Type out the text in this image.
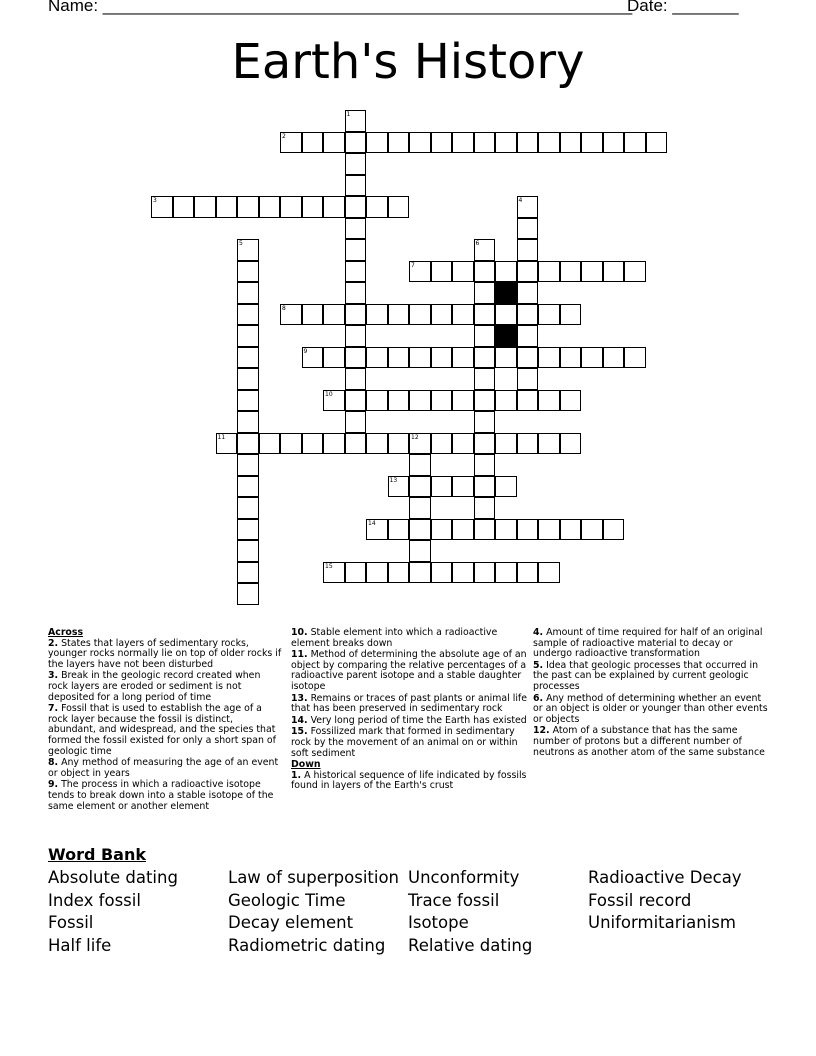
Name: ________________________________________________________
Date: _______
Earth's History
1
2
3	4
5	6
7
8
9
10
11	12
13
14
15
Across
2. States that layers of sedimentary rocks, younger rocks normally lie on top of older rocks if the layers have not been disturbed
3. Break in the geologic record created when rock layers are eroded or sediment is not deposited for a long period of time
7. Fossil that is used to establish the age of a rock layer because the fossil is distinct, abundant, and widespread, and the species that formed the fossil existed for only a short span of geologic time
8. Any method of measuring the age of an event or object in years
9. The process in which a radioactive isotope tends to break down into a stable isotope of the same element or another element
10. Stable element into which a radioactive element breaks down
11. Method of determining the absolute age of an object by comparing the relative percentages of a radioactive parent isotope and a stable daughter isotope
13. Remains or traces of past plants or animal life that has been preserved in sedimentary rock
14. Very long period of time the Earth has existed
15. Fossilized mark that formed in sedimentary rock by the movement of an animal on or within soft sediment
Down
1. A historical sequence of life indicated by fossils found in layers of the Earth's crust
4. Amount of time required for half of an original sample of radioactive material to decay or undergo radioactive transformation
5. Idea that geologic processes that occurred in the past can be explained by current geologic processes
6. Any method of determining whether an event or an object is older or younger than other events or objects
12. Atom of a substance that has the same number of protons but a different number of neutrons as another atom of the same substance
Word Bank
Absolute dating
Index fossil
Fossil
Half life
Law of superposition
Geologic Time
Decay element
Radiometric dating
Unconformity
Trace fossil
Isotope
Relative dating
Radioactive Decay
Fossil record
Uniformitarianism
